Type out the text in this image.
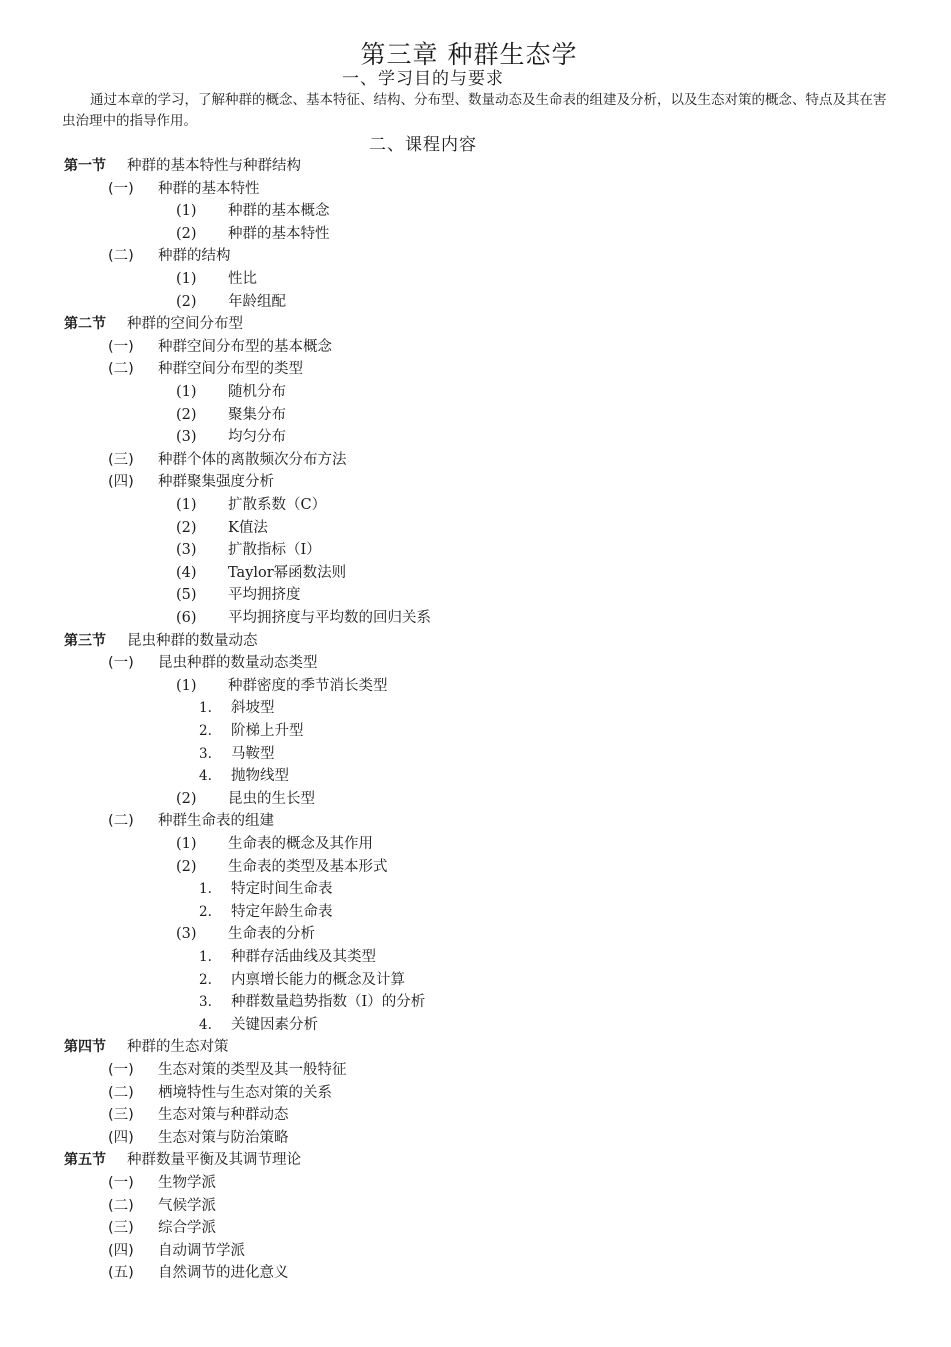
第三章 种群生态学
一、学习目的与要求

通过本章的学习，了解种群的概念、基本特征、结构、分布型、数量动态及生命表的组建及分析，以及生态对策的概念、特点及其在害虫治理中的指导作用。

二、课程内容
第一节 种群的基本特性与种群结构
(一) 种群的基本特性
(1) 种群的基本概念
(2) 种群的基本特性
(二) 种群的结构
(1) 性比
(2) 年龄组配
第二节 种群的空间分布型
(一) 种群空间分布型的基本概念
(二) 种群空间分布型的类型
(1) 随机分布
(2) 聚集分布
(3) 均匀分布
(三) 种群个体的离散频次分布方法
(四) 种群聚集强度分析
(1) 扩散系数（C）
(2) K值法
(3) 扩散指标（I）
(4) Taylor幂函数法则
(5) 平均拥挤度
(6) 平均拥挤度与平均数的回归关系
第三节 昆虫种群的数量动态
(一) 昆虫种群的数量动态类型
(1) 种群密度的季节消长类型
1. 斜坡型
2. 阶梯上升型
3. 马鞍型
4. 抛物线型
(2) 昆虫的生长型
(二) 种群生命表的组建
(1) 生命表的概念及其作用
(2) 生命表的类型及基本形式
1. 特定时间生命表
2. 特定年龄生命表
(3) 生命表的分析
1. 种群存活曲线及其类型
2. 内禀增长能力的概念及计算
3. 种群数量趋势指数（I）的分析
4. 关键因素分析
第四节 种群的生态对策
(一) 生态对策的类型及其一般特征
(二) 栖境特性与生态对策的关系
(三) 生态对策与种群动态
(四) 生态对策与防治策略
第五节 种群数量平衡及其调节理论
(一) 生物学派
(二) 气候学派
(三) 综合学派
(四) 自动调节学派
(五) 自然调节的进化意义
